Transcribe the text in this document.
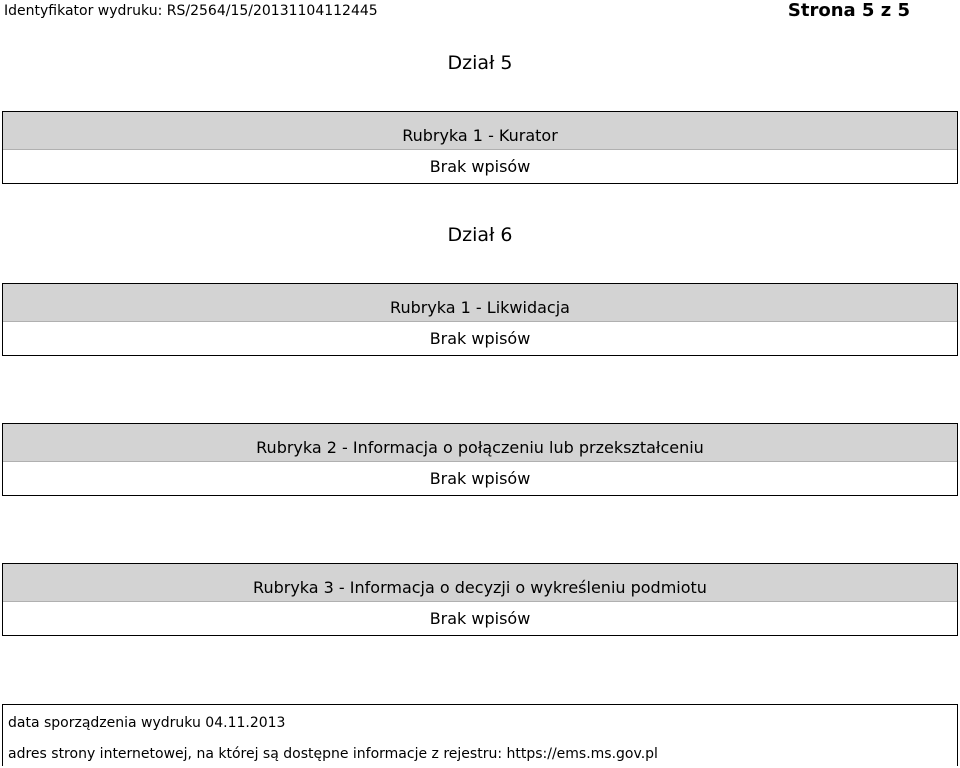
Identyfikator wydruku: RS/2564/15/20131104112445	Strona 5 z 5
Dział 5
Rubryka 1 - Kurator
Brak wpisów
Dział 6
Rubryka 1 - Likwidacja
Brak wpisów
Rubryka 2 - Informacja o połączeniu lub przekształceniu
Brak wpisów
Rubryka 3 - Informacja o decyzji o wykreśleniu podmiotu
Brak wpisów
data sporządzenia wydruku 04.11.2013
adres strony internetowej, na której są dostępne informacje z rejestru: https://ems.ms.gov.pl
